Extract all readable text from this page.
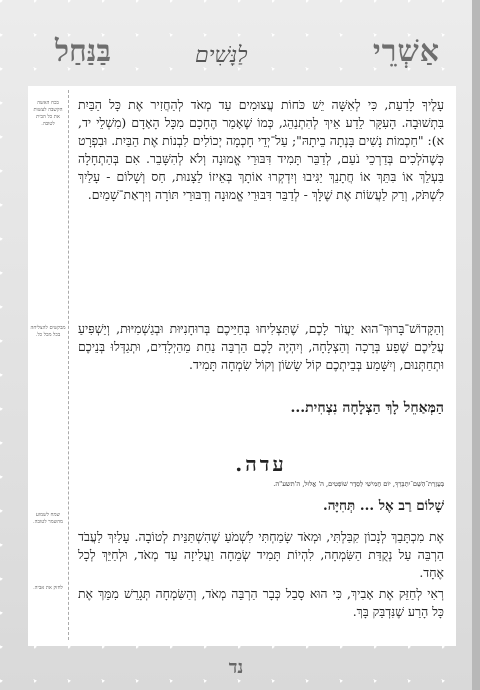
אַשְׁרֵי
לַנָּשִׁים
בַּנַּחַל
בכח האשה הקשבה לעשות את כל הבית לטובה.
מבקשים להצליחה בכל מכל כל.
שמח לשמוע מהשמר לטובה.
לחזק את אביה.
עָלֶיךָ לָדַעַת, כִּי לְאִשָּׁה יֵשׁ כֹּחוֹת עֲצוּמִים עַד מְאֹד לְהַחֲזִיר אֶת כָּל הַבַּיִת בִּתְשׁוּבָה. הָעִקָּר לֵדַע אֵיךְ לְהִתְנַהֵג, כְּמוֹ שֶׁאָמַר הֶחָכָם מִכָּל הָאָדָם (מִשְׁלֵי יד, א): "חַכְמוֹת נָשִׁים בָּנְתָה בֵיתָהּ"; עַל־יְדֵי חָכְמָה יְכוֹלִים לִבְנוֹת אֶת הַבַּיִת. וּבִפְרָט כְּשֶׁהֹלְכִים בְּדַרְכֵי נֹעַם, לְדַבֵּר תָּמִיד דִּבּוּרֵי אֱמוּנָה וְלֹא לְהִשָּׁבֵר. אִם בְּהַתְחָלָה בַּעְלֵךְ אוֹ בִּתֵּךְ אוֹ חֲתָנֵךְ יַגִּיבוּ וְיִדְקְרוּ אוֹתָךְ בְּאֵיזוֹ לֵצָנוּת, חַס וְשָׁלוֹם - עָלַיִךְ לִשְׁתֹּק, וְרַק לַעֲשׂוֹת אֶת שֶׁלָּךְ - לְדַבֵּר דִּבּוּרֵי אֱמוּנָה וְדִבּוּרֵי תּוֹרָה וְיִרְאַת־שָׁמַיִם.
וְהַקָּדוֹשׁ־בָּרוּךְ־הוּא יַעֲזֹר לָכֶם, שֶׁתַּצְלִיחוּ בְּחַיֵּיכֶם בְּרוּחָנִיּוּת וּבְגַשְׁמִיּוּת, וְיַשְׁפִּיעַ עֲלֵיכֶם שֶׁפַע בְּרָכָה וְהַצְלָחָה, וְיִהְיֶה לָכֶם הַרְבֵּה נַחַת מֵהַיְלָדִים, וּתְגַדְּלוּ בְּנֵיכֶם וּתְחַתְּנוּם, וְיִשָּׁמַע בְּבֵיתְכֶם קוֹל שָׂשׂוֹן וְקוֹל שִׂמְחָה תָּמִיד.
הַמְּאַחֵל לָךְ הַצְלָחָה נִצְחִית...
עדה.
בְּעֶזְרַת־הַשֵּׁם־יִתְבָּרַךְ, יוֹם חֲמִישִׁי לְסֵדֶר שׁוֹפְטִים, ה' אֱלוּל, ה'תשע"ה.
שָׁלוֹם רַב אֶל ... תְּחִיָּה.
אֶת מִכְתָּבֵךְ לְנָכוֹן קִבַּלְתִּי, וּמְאֹד שָׂמַחְתִּי לִשְׁמֹעַ שֶׁהִשְׁתַּנֵּית לְטוֹבָה. עָלַיִךְ לַעֲבֹד הַרְבֵּה עַל נְקֻדַּת הַשִּׂמְחָה, לִהְיוֹת תָּמִיד שְׂמֵחָה וַעֲלִיזָה עַד מְאֹד, וּלְחַיֵּךְ לְכָל אֶחָד.
רְאִי לְחַזֵּק אֶת אָבִיךְ, כִּי הוּא סָבַל כְּבָר הַרְבֵּה מְאֹד, וְהַשִּׂמְחָה תְּגָרֵשׁ מִמֵּךְ אֶת כָּל הָרַע שֶׁנִּדְבַּק בָּךְ.
נד
